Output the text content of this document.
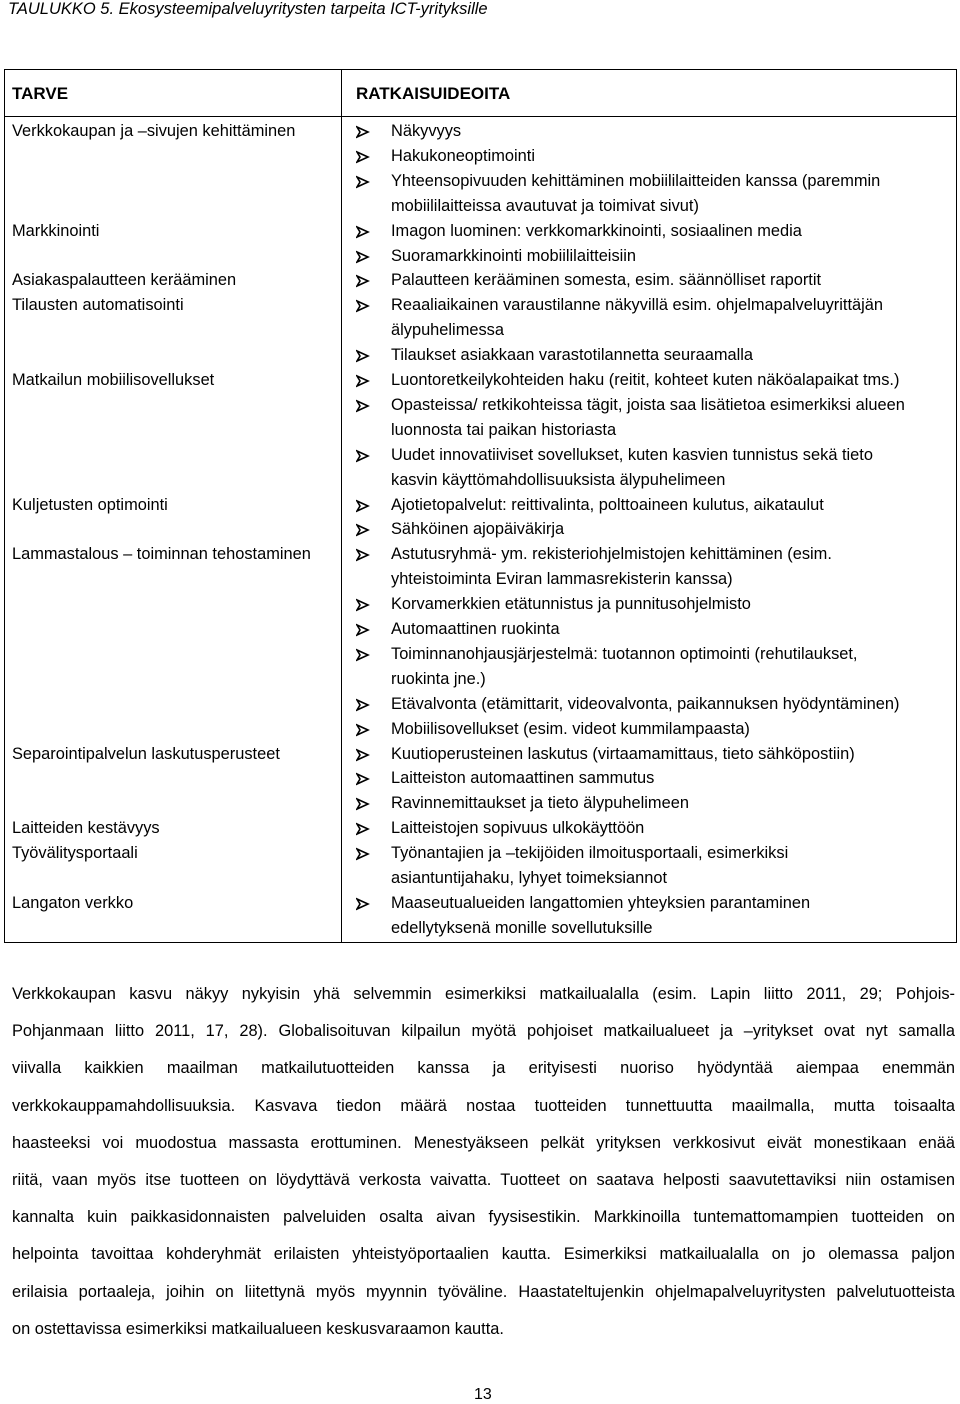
TAULUKKO 5. Ekosysteemipalveluyritysten tarpeita ICT-yrityksille
TARVE	RATKAISUIDEOITA
Verkkokaupan ja –sivujen kehittäminen	Näkyvyys
Hakukoneoptimointi
Yhteensopivuuden kehittäminen mobiililaitteiden kanssa (paremmin
mobiililaitteissa avautuvat ja toimivat sivut)
Markkinointi	Imagon luominen: verkkomarkkinointi, sosiaalinen media
Suoramarkkinointi mobiililaitteisiin
Asiakaspalautteen kerääminen	Palautteen kerääminen somesta, esim. säännölliset raportit
Tilausten automatisointi	Reaaliaikainen varaustilanne näkyvillä esim. ohjelmapalveluyrittäjän
älypuhelimessa
Tilaukset asiakkaan varastotilannetta seuraamalla
Matkailun mobiilisovellukset	Luontoretkeilykohteiden haku (reitit, kohteet kuten näköalapaikat tms.)
Opasteissa/ retkikohteissa tägit, joista saa lisätietoa esimerkiksi alueen
luonnosta tai paikan historiasta
Uudet innovatiiviset sovellukset, kuten kasvien tunnistus sekä tieto
kasvin käyttömahdollisuuksista älypuhelimeen
Kuljetusten optimointi	Ajotietopalvelut: reittivalinta, polttoaineen kulutus, aikataulut
Sähköinen ajopäiväkirja
Lammastalous – toiminnan tehostaminen	Astutusryhmä- ym. rekisteriohjelmistojen kehittäminen (esim.
yhteistoiminta Eviran lammasrekisterin kanssa)
Korvamerkkien etätunnistus ja punnitusohjelmisto
Automaattinen ruokinta
Toiminnanohjausjärjestelmä: tuotannon optimointi (rehutilaukset,
ruokinta jne.)
Etävalvonta (etämittarit, videovalvonta, paikannuksen hyödyntäminen)
Mobiilisovellukset (esim. videot kummilampaasta)
Separointipalvelun laskutusperusteet	Kuutioperusteinen laskutus (virtaamamittaus, tieto sähköpostiin)
Laitteiston automaattinen sammutus
Ravinnemittaukset ja tieto älypuhelimeen
Laitteiden kestävyys	Laitteistojen sopivuus ulkokäyttöön
Työvälitysportaali	Työnantajien ja –tekijöiden ilmoitusportaali, esimerkiksi
asiantuntijahaku, lyhyet toimeksiannot
Langaton verkko	Maaseutualueiden langattomien yhteyksien parantaminen
edellytyksenä monille sovellutuksille
Verkkokaupan kasvu näkyy nykyisin yhä selvemmin esimerkiksi matkailualalla (esim. Lapin liitto 2011, 29; Pohjois-
Pohjanmaan liitto 2011, 17, 28). Globalisoituvan kilpailun myötä pohjoiset matkailualueet ja –yritykset ovat nyt samalla
viivalla kaikkien maailman matkailutuotteiden kanssa ja erityisesti nuoriso hyödyntää aiempaa enemmän
verkkokauppamahdollisuuksia. Kasvava tiedon määrä nostaa tuotteiden tunnettuutta maailmalla, mutta toisaalta
haasteeksi voi muodostua massasta erottuminen. Menestyäkseen pelkät yrityksen verkkosivut eivät monestikaan enää
riitä, vaan myös itse tuotteen on löydyttävä verkosta vaivatta. Tuotteet on saatava helposti saavutettaviksi niin ostamisen
kannalta kuin paikkasidonnaisten palveluiden osalta aivan fyysisestikin. Markkinoilla tuntemattomampien tuotteiden on
helpointa tavoittaa kohderyhmät erilaisten yhteistyöportaalien kautta. Esimerkiksi matkailualalla on jo olemassa paljon
erilaisia portaaleja, joihin on liitettynä myös myynnin työväline. Haastateltujenkin ohjelmapalveluyritysten palvelutuotteista
on ostettavissa esimerkiksi matkailualueen keskusvaraamon kautta.
13
